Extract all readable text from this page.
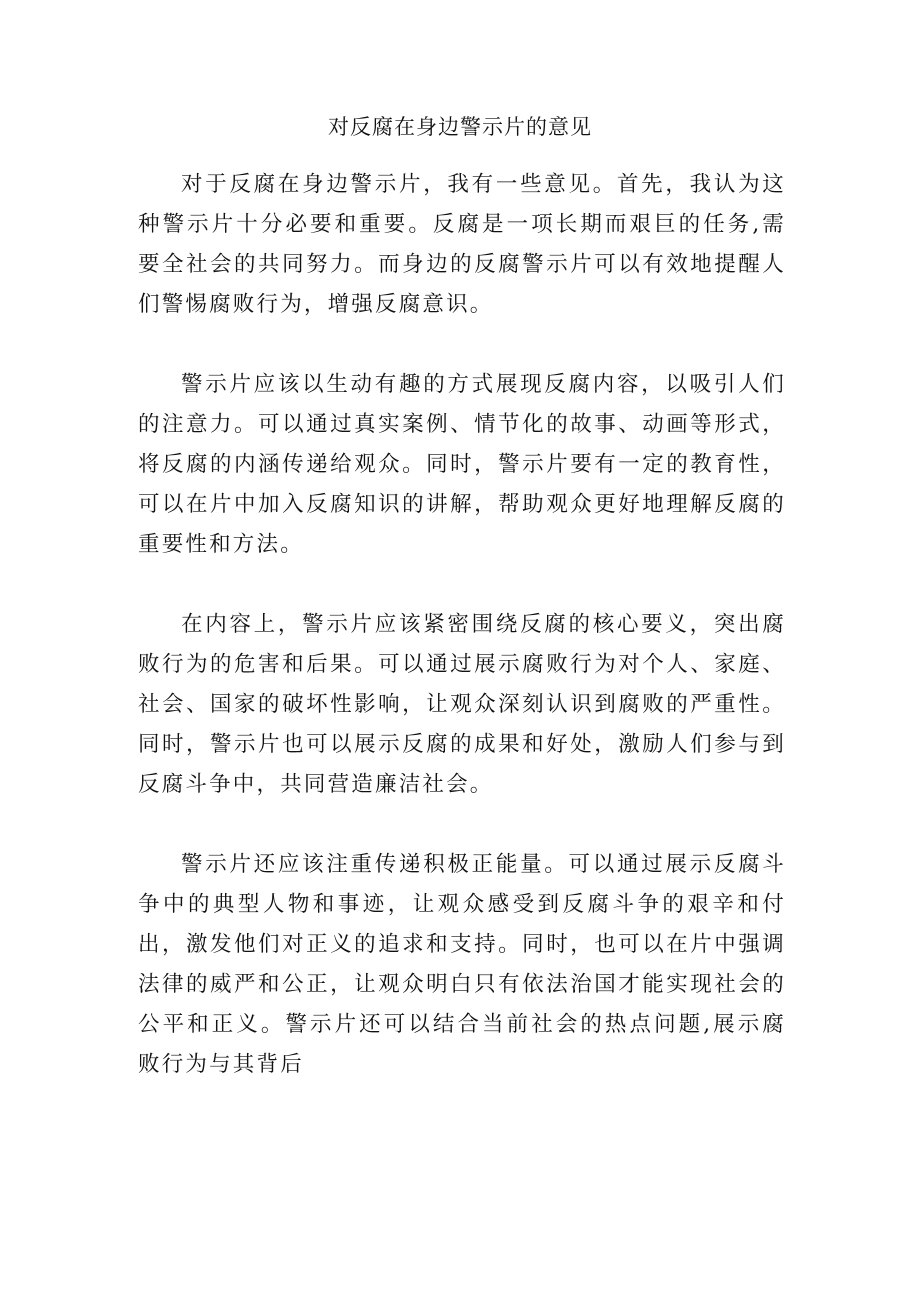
对反腐在身边警示片的意见

对于反腐在身边警示片，我有一些意见。首先，我认为这种警示片十分必要和重要。反腐是一项长期而艰巨的任务,需要全社会的共同努力。而身边的反腐警示片可以有效地提醒人们警惕腐败行为，增强反腐意识。

警示片应该以生动有趣的方式展现反腐内容，以吸引人们的注意力。可以通过真实案例、情节化的故事、动画等形式，将反腐的内涵传递给观众。同时，警示片要有一定的教育性，可以在片中加入反腐知识的讲解，帮助观众更好地理解反腐的重要性和方法。

在内容上，警示片应该紧密围绕反腐的核心要义，突出腐败行为的危害和后果。可以通过展示腐败行为对个人、家庭、社会、国家的破坏性影响，让观众深刻认识到腐败的严重性。同时，警示片也可以展示反腐的成果和好处，激励人们参与到反腐斗争中，共同营造廉洁社会。

警示片还应该注重传递积极正能量。可以通过展示反腐斗争中的典型人物和事迹，让观众感受到反腐斗争的艰辛和付出，激发他们对正义的追求和支持。同时，也可以在片中强调法律的威严和公正，让观众明白只有依法治国才能实现社会的公平和正义。警示片还可以结合当前社会的热点问题,展示腐败行为与其背后
